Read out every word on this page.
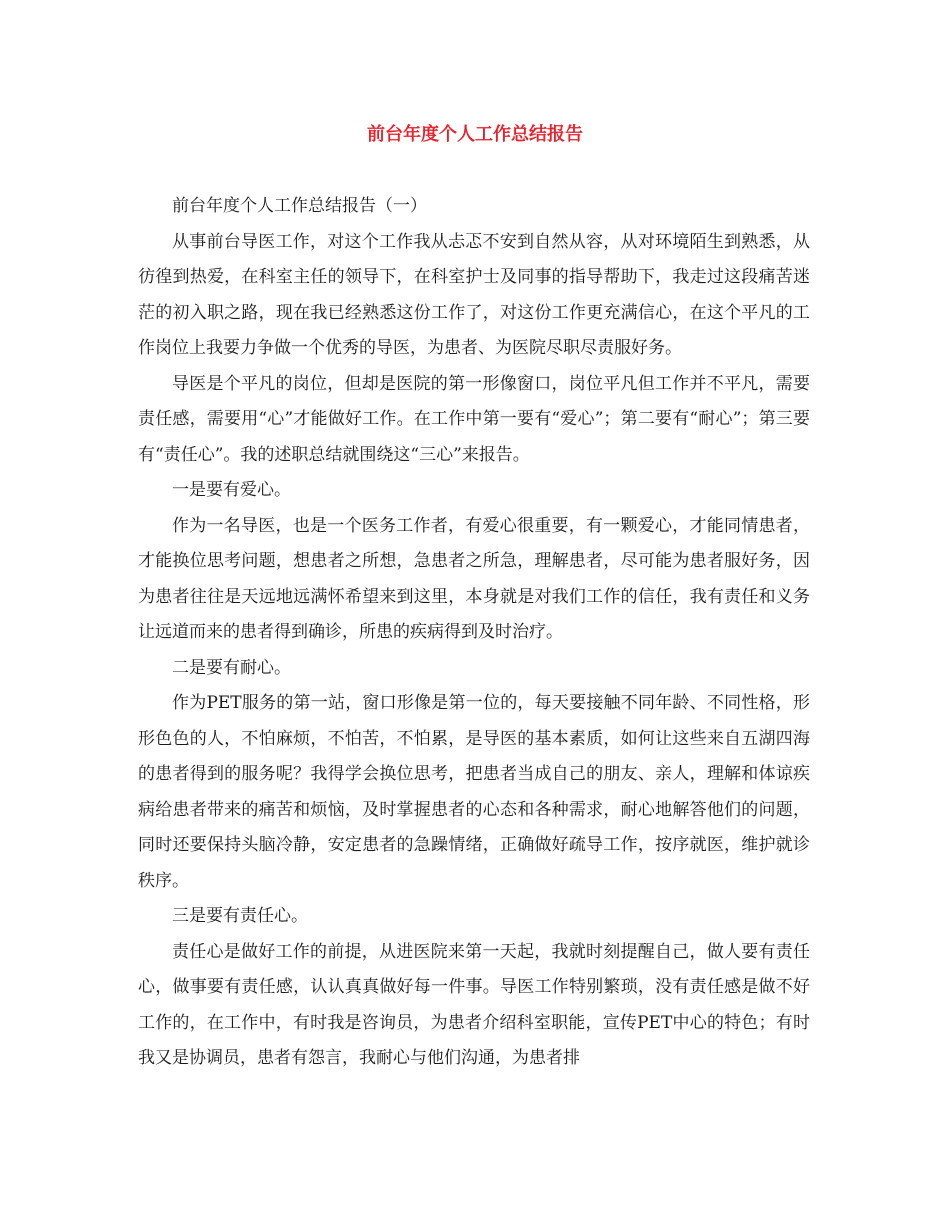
前台年度个人工作总结报告

前台年度个人工作总结报告（一）

从事前台导医工作，对这个工作我从忐忑不安到自然从容，从对环境陌生到熟悉，从彷徨到热爱，在科室主任的领导下，在科室护士及同事的指导帮助下，我走过这段痛苦迷茫的初入职之路，现在我已经熟悉这份工作了，对这份工作更充满信心，在这个平凡的工作岗位上我要力争做一个优秀的导医，为患者、为医院尽职尽责服好务。

导医是个平凡的岗位，但却是医院的第一形像窗口，岗位平凡但工作并不平凡，需要责任感，需要用“心”才能做好工作。在工作中第一要有“爱心”；第二要有“耐心”；第三要有“责任心”。我的述职总结就围绕这“三心”来报告。

一是要有爱心。

作为一名导医，也是一个医务工作者，有爱心很重要，有一颗爱心，才能同情患者，才能换位思考问题，想患者之所想，急患者之所急，理解患者，尽可能为患者服好务，因为患者往往是天远地远满怀希望来到这里，本身就是对我们工作的信任，我有责任和义务让远道而来的患者得到确诊，所患的疾病得到及时治疗。

二是要有耐心。

作为PET服务的第一站，窗口形像是第一位的，每天要接触不同年龄、不同性格，形形色色的人，不怕麻烦，不怕苦，不怕累，是导医的基本素质，如何让这些来自五湖四海的患者得到的服务呢？我得学会换位思考，把患者当成自己的朋友、亲人，理解和体谅疾病给患者带来的痛苦和烦恼，及时掌握患者的心态和各种需求，耐心地解答他们的问题，同时还要保持头脑冷静，安定患者的急躁情绪，正确做好疏导工作，按序就医，维护就诊秩序。

三是要有责任心。

责任心是做好工作的前提，从进医院来第一天起，我就时刻提醒自己，做人要有责任心，做事要有责任感，认认真真做好每一件事。导医工作特别繁琐，没有责任感是做不好工作的，在工作中，有时我是咨询员，为患者介绍科室职能，宣传PET中心的特色；有时我又是协调员，患者有怨言，我耐心与他们沟通，为患者排
